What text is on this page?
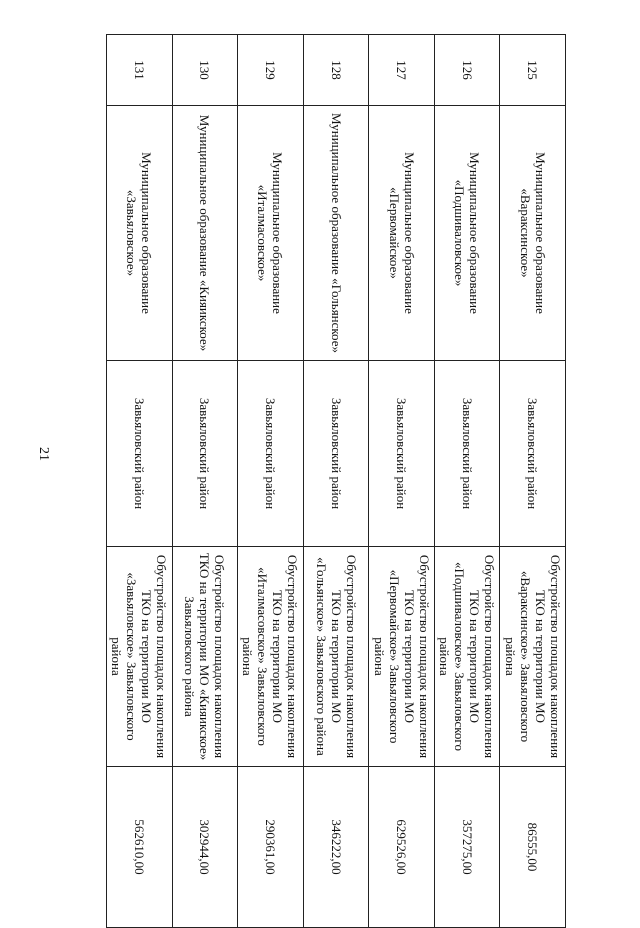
21
125	Муниципальное образование «Вараксинское»	Завьяловский район	Обустройство площадок накопления ТКО на территории МО «Вараксинское» Завьяловского района	86555,00
126	Муниципальное образование «Подшиваловское»	Завьяловский район	Обустройство площадок накопления ТКО на территории МО «Подшиваловское» Завьяловского района	357275,00
127	Муниципальное образование «Первомайское»	Завьяловский район	Обустройство площадок накопления ТКО на территории МО «Первомайское» Завьяловского района	629526,00
128	Муниципальное образование «Гольянское»	Завьяловский район	Обустройство площадок накопления ТКО на территории МО «Гольянское» Завьяловского района	346222,00
129	Муниципальное образование «Италмасовское»	Завьяловский район	Обустройство площадок накопления ТКО на территории МО «Италмасовское» Завьяловского района	290361,00
130	Муниципальное образование «Кияикское»	Завьяловский район	Обустройство площадок накопления ТКО на территории МО «Кияикское» Завьяловского района	302944,00
131	Муниципальное образование «Завьяловское»	Завьяловский район	Обустройство площадок накопления ТКО на территории МО «Завьяловское» Завьяловского района	562610,00
